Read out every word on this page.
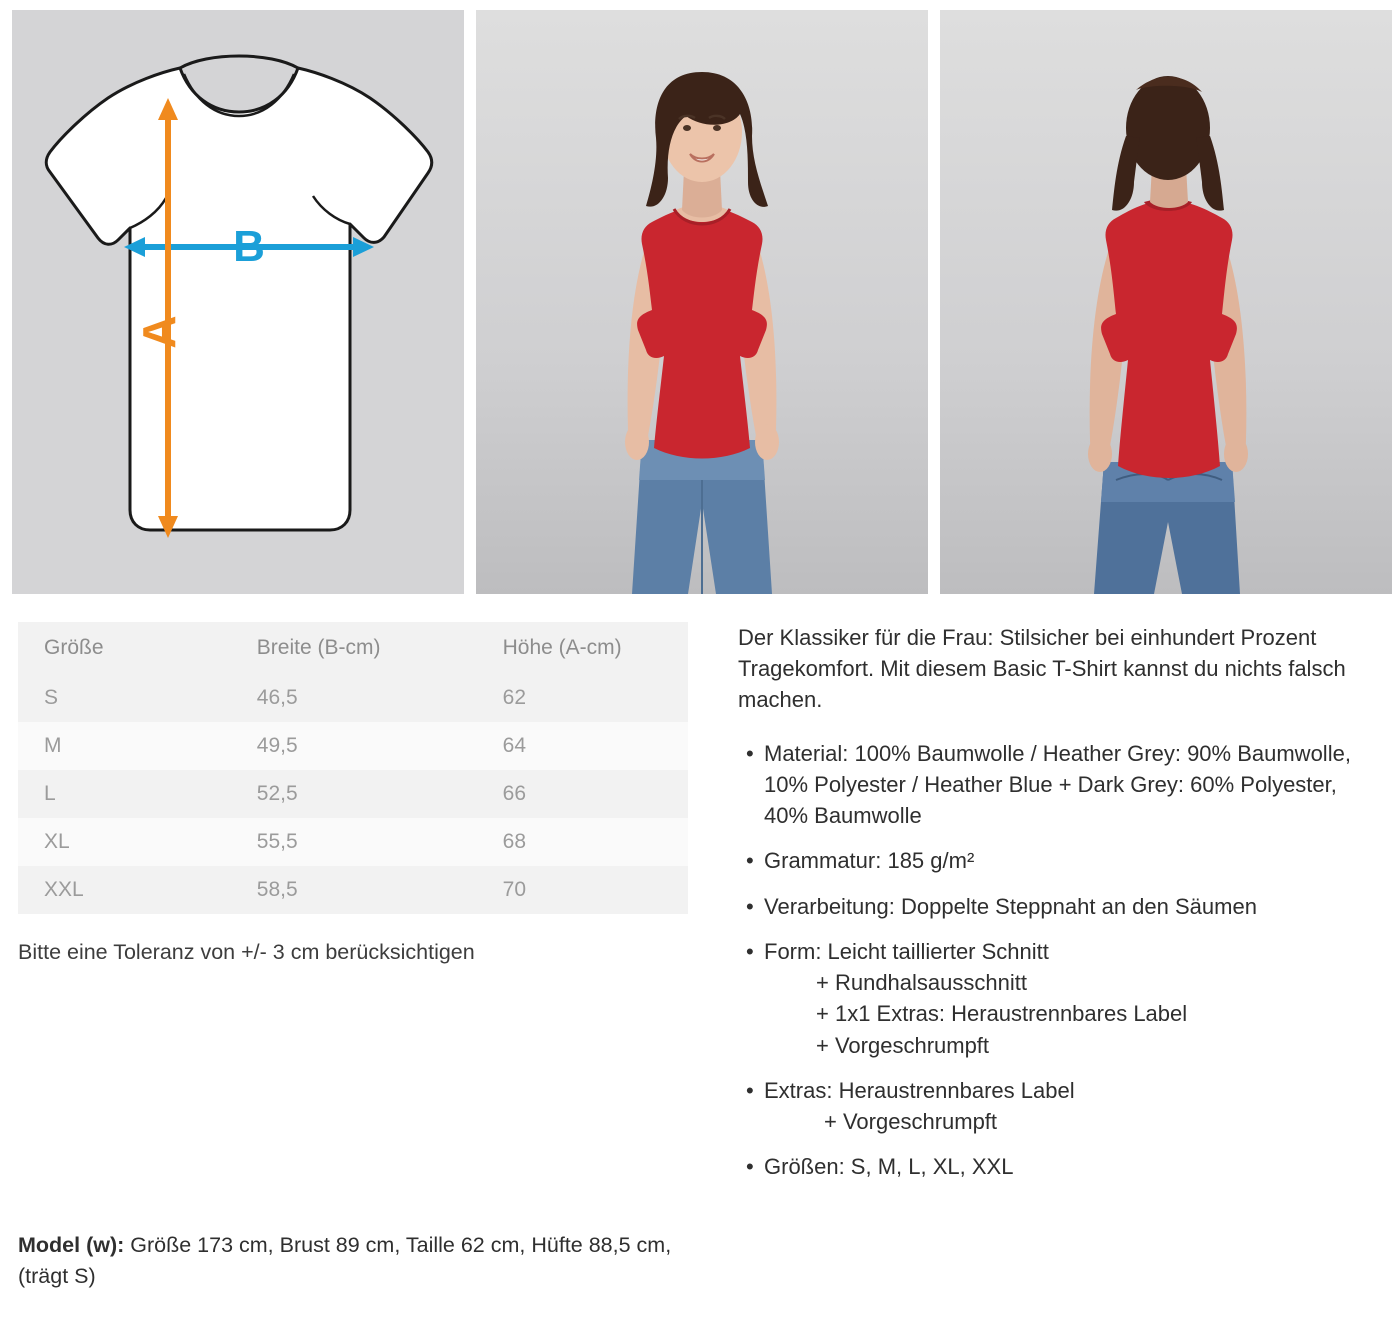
B
A
Größe	Breite (B-cm)	Höhe (A-cm)
S	46,5	62
M	49,5	64
L	52,5	66
XL	55,5	68
XXL	58,5	70
Bitte eine Toleranz von +/- 3 cm berücksichtigen

Der Klassiker für die Frau: Stilsicher bei einhundert Prozent Tragekomfort. Mit diesem Basic T-Shirt kannst du nichts falsch machen.

• Material: 100% Baumwolle / Heather Grey: 90% Baumwolle, 10% Polyester / Heather Blue + Dark Grey: 60% Polyester, 40% Baumwolle
• Grammatur: 185 g/m²
• Verarbeitung: Doppelte Steppnaht an den Säumen
• Form: Leicht taillierter Schnitt
+ Rundhalsausschnitt
+ 1x1 Extras: Heraustrennbares Label
+ Vorgeschrumpft
• Extras: Heraustrennbares Label
+ Vorgeschrumpft
• Größen: S, M, L, XL, XXL
Model (w): Größe 173 cm, Brust 89 cm, Taille 62 cm, Hüfte 88,5 cm, (trägt S)
